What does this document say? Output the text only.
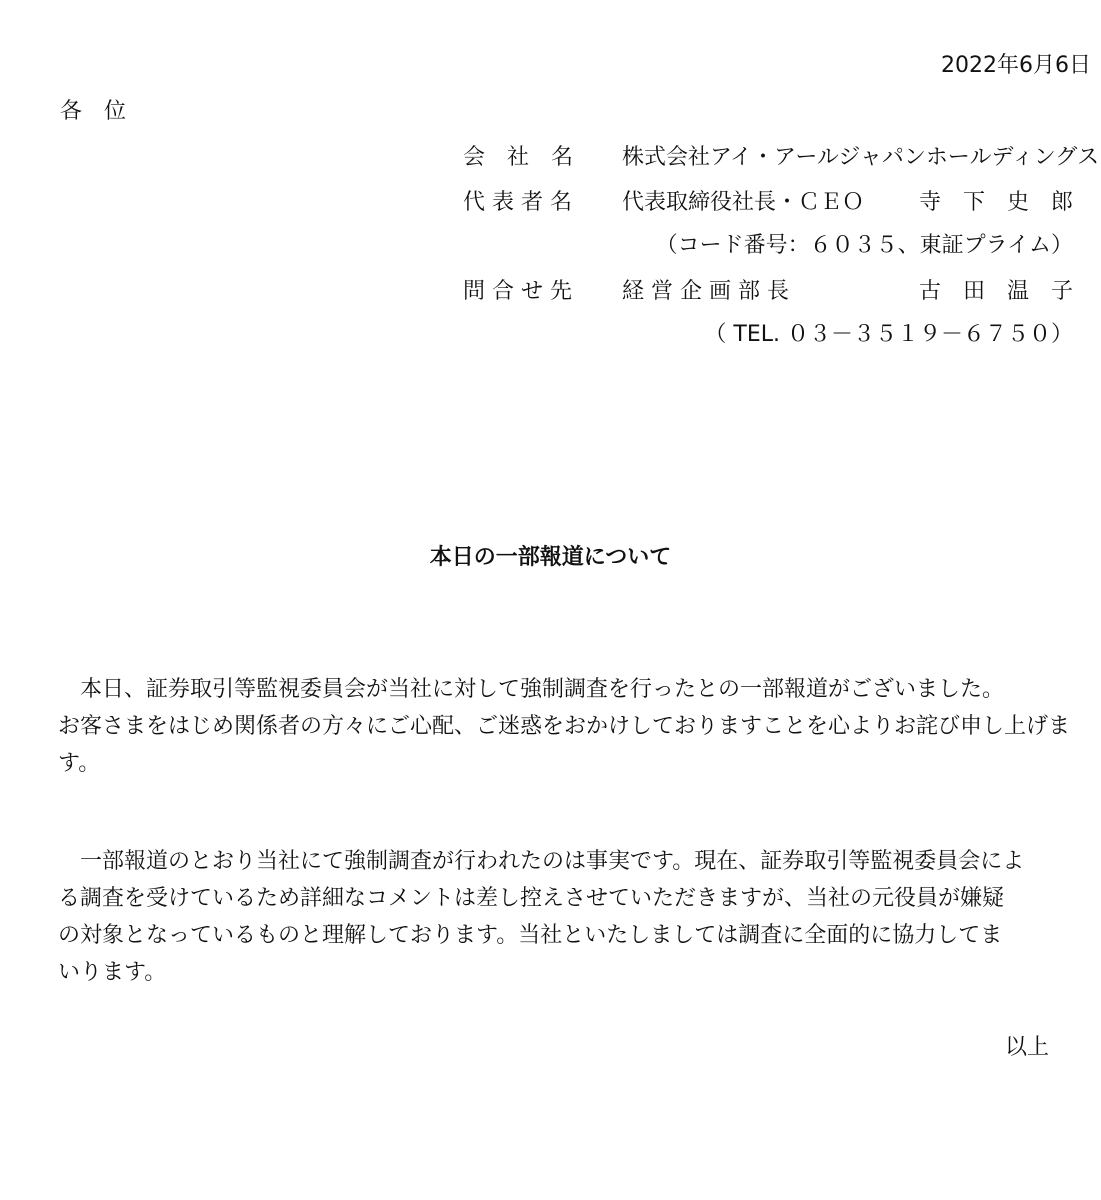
2022年6月6日
各　位
会　社　名 株式会社アイ・アールジャパンホールディングス
代 表 者 名 代表取締役社長・ＣＥＯ 寺　下　史　郎
（コード番号：６０３５、東証プライム）
問 合 せ 先 経 営 企 画 部 長	古　田　温　子
（ TEL. ０３－３５１９－６７５０）
本日の一部報道について

　本日、証券取引等監視委員会が当社に対して強制調査を行ったとの一部報道がございました。

お客さまをはじめ関係者の方々にご心配、ご迷惑をおかけしておりますことを心よりお詫び申し上げま

す。

　一部報道のとおり当社にて強制調査が行われたのは事実です。現在、証券取引等監視委員会によ

る調査を受けているため詳細なコメントは差し控えさせていただきますが、当社の元役員が嫌疑

の対象となっているものと理解しております。当社といたしましては調査に全面的に協力してま

いります。

以上
